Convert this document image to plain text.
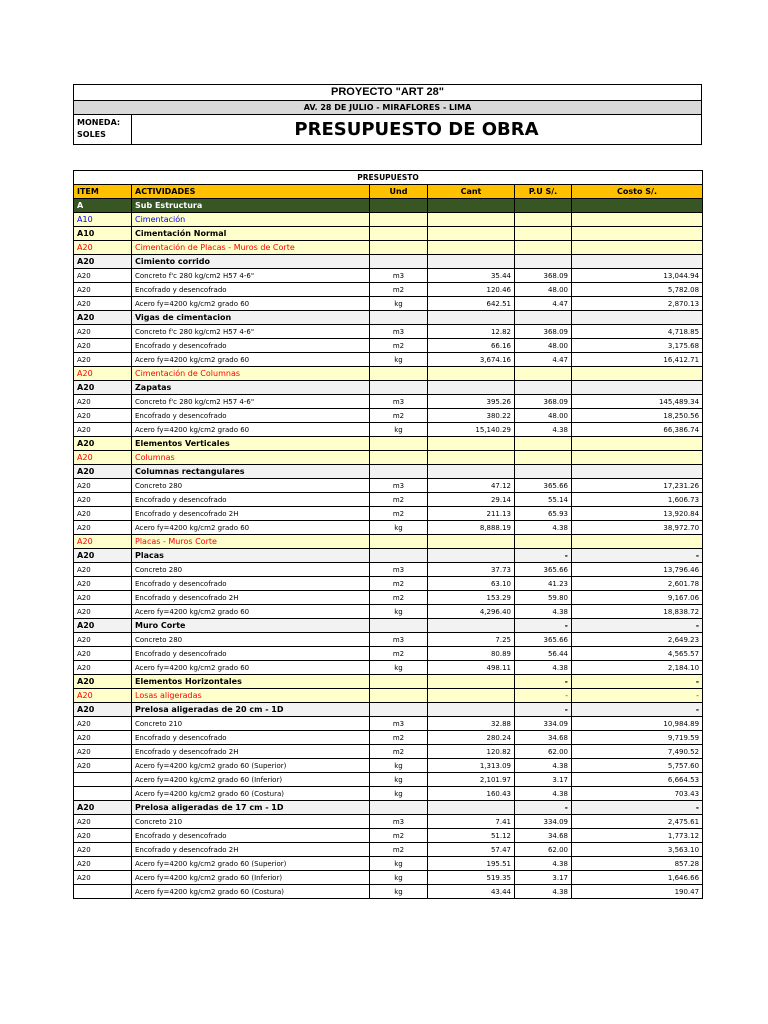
PROYECTO "ART 28"
AV. 28 DE JULIO - MIRAFLORES - LIMA
MONEDA:
SOLES	PRESUPUESTO DE OBRA
PRESUPUESTO					
ITEM	ACTIVIDADES	Und	Cant	P.U S/.	Costo S/.
A	Sub Estructura				
A10	Cimentación				
A10	Cimentación Normal				
A20	Cimentación de Placas - Muros de Corte				
A20	Cimiento corrido				
A20	Concreto f'c 280 kg/cm2 H57 4-6"	m3	35.44	368.09	13,044.94
A20	Encofrado y desencofrado	m2	120.46	48.00	5,782.08
A20	Acero fy=4200 kg/cm2 grado 60	kg	642.51	4.47	2,870.13
A20	Vigas de cimentacion				
A20	Concreto f'c 280 kg/cm2 H57 4-6"	m3	12.82	368.09	4,718.85
A20	Encofrado y desencofrado	m2	66.16	48.00	3,175.68
A20	Acero fy=4200 kg/cm2 grado 60	kg	3,674.16	4.47	16,412.71
A20	Cimentación de Columnas				
A20	Zapatas				
A20	Concreto f'c 280 kg/cm2 H57 4-6"	m3	395.26	368.09	145,489.34
A20	Encofrado y desencofrado	m2	380.22	48.00	18,250.56
A20	Acero fy=4200 kg/cm2 grado 60	kg	15,140.29	4.38	66,386.74
A20	Elementos Verticales				
A20	Columnas				
A20	Columnas rectangulares				
A20	Concreto 280	m3	47.12	365.66	17,231.26
A20	Encofrado y desencofrado	m2	29.14	55.14	1,606.73
A20	Encofrado y desencofrado 2H	m2	211.13	65.93	13,920.84
A20	Acero fy=4200 kg/cm2 grado 60	kg	8,888.19	4.38	38,972.70
A20	Placas - Muros Corte				
A20	Placas			-	-
A20	Concreto 280	m3	37.73	365.66	13,796.46
A20	Encofrado y desencofrado	m2	63.10	41.23	2,601.78
A20	Encofrado y desencofrado 2H	m2	153.29	59.80	9,167.06
A20	Acero fy=4200 kg/cm2 grado 60	kg	4,296.40	4.38	18,838.72
A20	Muro Corte			-	-
A20	Concreto 280	m3	7.25	365.66	2,649.23
A20	Encofrado y desencofrado	m2	80.89	56.44	4,565.57
A20	Acero fy=4200 kg/cm2 grado 60	kg	498.11	4.38	2,184.10
A20	Elementos Horizontales			-	-
A20	Losas aligeradas			-	-
A20	Prelosa aligeradas de 20 cm - 1D			-	-
A20	Concreto 210	m3	32.88	334.09	10,984.89
A20	Encofrado y desencofrado	m2	280.24	34.68	9,719.59
A20	Encofrado y desencofrado 2H	m2	120.82	62.00	7,490.52
A20	Acero fy=4200 kg/cm2 grado 60 (Superior)	kg	1,313.09	4.38	5,757.60
	Acero fy=4200 kg/cm2 grado 60 (Inferior)	kg	2,101.97	3.17	6,664.53
	Acero fy=4200 kg/cm2 grado 60 (Costura)	kg	160.43	4.38	703.43
A20	Prelosa aligeradas de 17 cm - 1D			-	-
A20	Concreto 210	m3	7.41	334.09	2,475.61
A20	Encofrado y desencofrado	m2	51.12	34.68	1,773.12
A20	Encofrado y desencofrado 2H	m2	57.47	62.00	3,563.10
A20	Acero fy=4200 kg/cm2 grado 60 (Superior)	kg	195.51	4.38	857.28
A20	Acero fy=4200 kg/cm2 grado 60 (Inferior)	kg	519.35	3.17	1,646.66
	Acero fy=4200 kg/cm2 grado 60 (Costura)	kg	43.44	4.38	190.47
